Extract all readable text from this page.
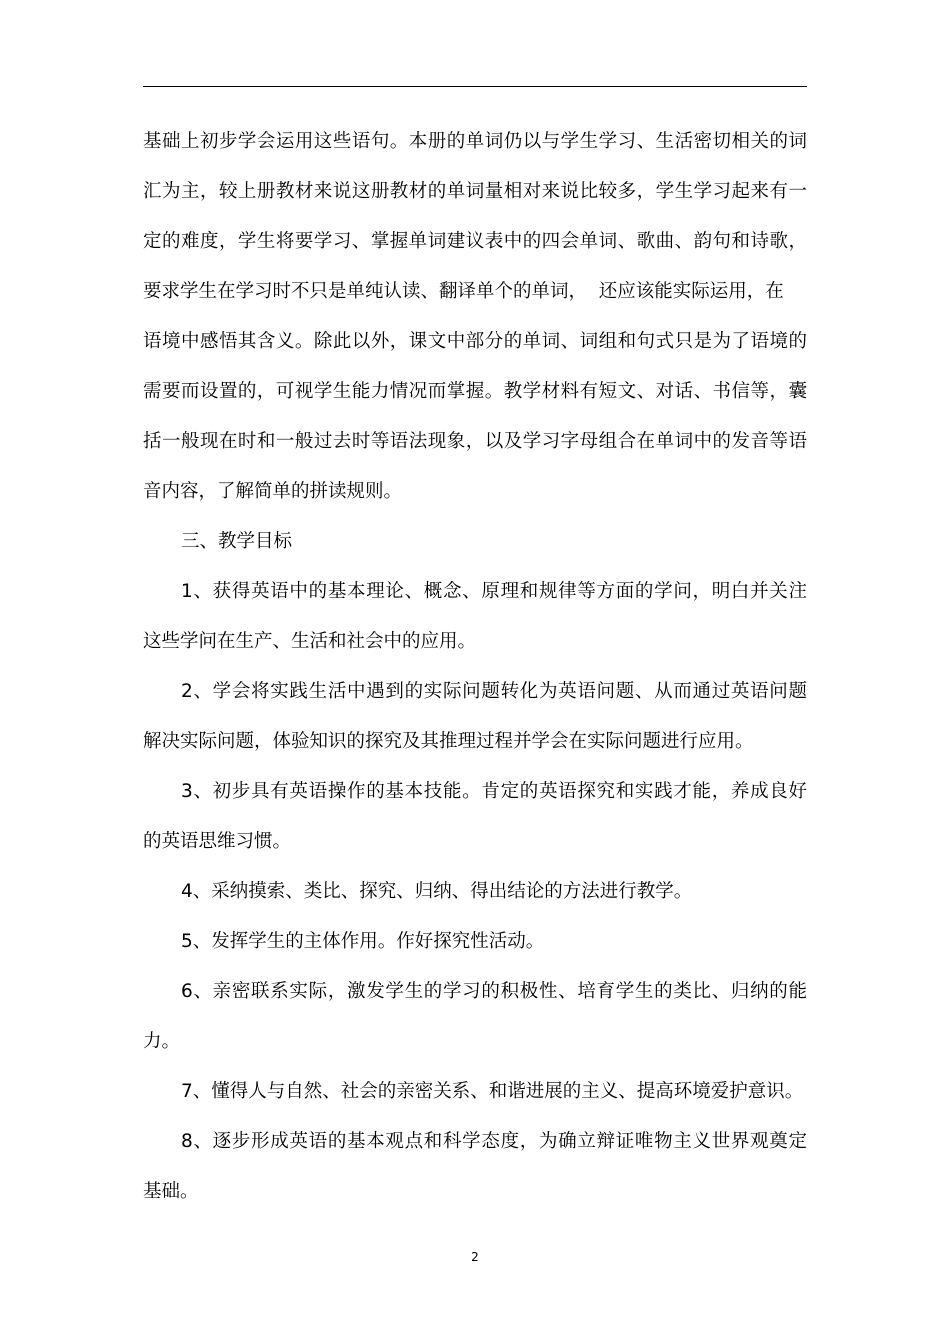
基础上初步学会运用这些语句。本册的单词仍以与学生学习、生活密切相关的词
汇为主，较上册教材来说这册教材的单词量相对来说比较多，学生学习起来有一
定的难度，学生将要学习、掌握单词建议表中的四会单词、歌曲、韵句和诗歌，
要求学生在学习时不只是单纯认读、翻译单个的单词，  还应该能实际运用，在
语境中感悟其含义。除此以外，课文中部分的单词、词组和句式只是为了语境的
需要而设置的，可视学生能力情况而掌握。教学材料有短文、对话、书信等，囊
括一般现在时和一般过去时等语法现象，以及学习字母组合在单词中的发音等语
音内容，了解简单的拼读规则。
三、教学目标
1、获得英语中的基本理论、概念、原理和规律等方面的学问，明白并关注
这些学问在生产、生活和社会中的应用。
2、学会将实践生活中遇到的实际问题转化为英语问题、从而通过英语问题
解决实际问题，体验知识的探究及其推理过程并学会在实际问题进行应用。
3、初步具有英语操作的基本技能。肯定的英语探究和实践才能，养成良好
的英语思维习惯。
4、采纳摸索、类比、探究、归纳、得出结论的方法进行教学。
5、发挥学生的主体作用。作好探究性活动。
6、亲密联系实际，激发学生的学习的积极性、培育学生的类比、归纳的能
力。
7、懂得人与自然、社会的亲密关系、和谐进展的主义、提高环境爱护意识。
8、逐步形成英语的基本观点和科学态度，为确立辩证唯物主义世界观奠定
基础。
2
